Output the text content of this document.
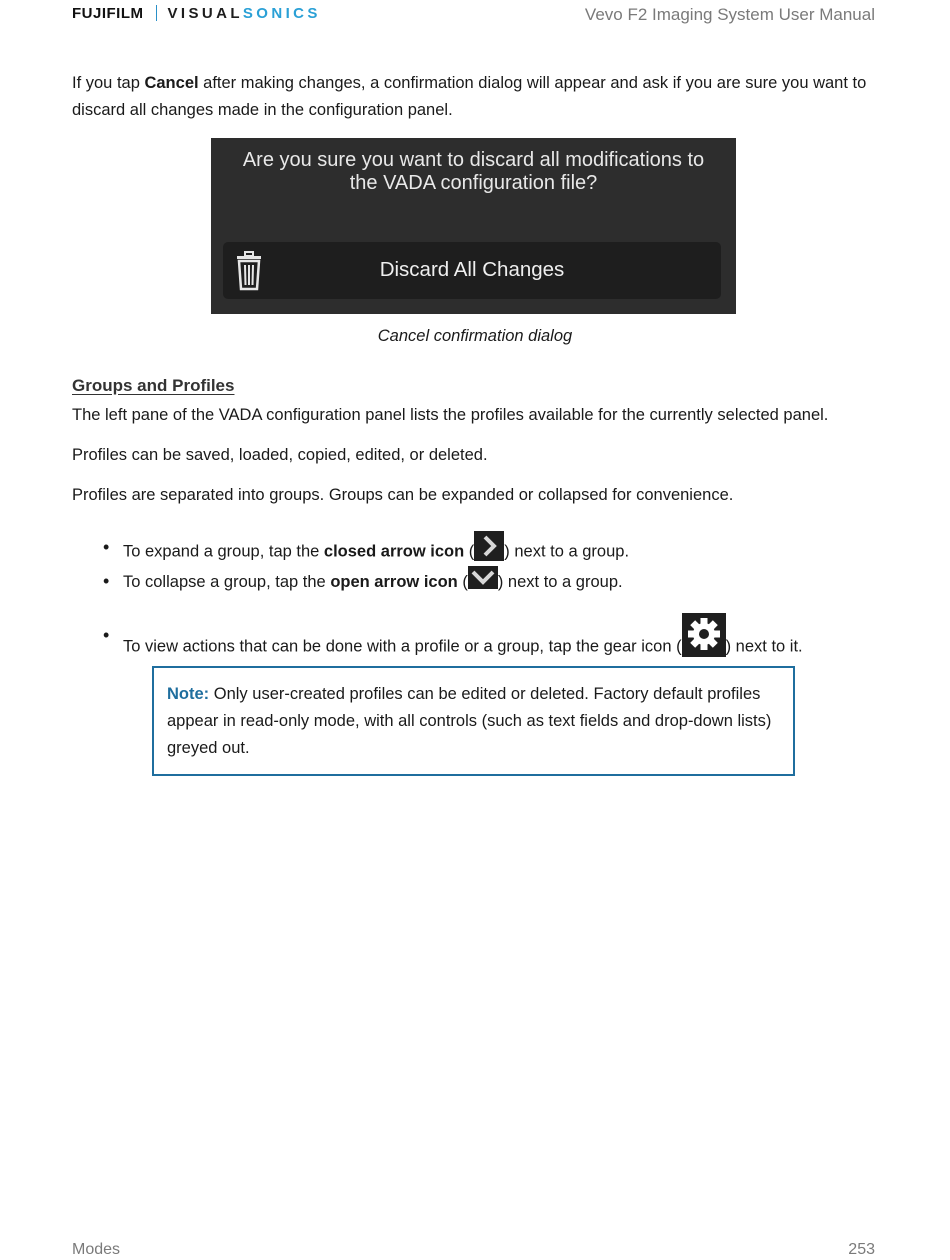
FUJIFILM VISUALSONICS	Vevo F2 Imaging System User Manual

If you tap Cancel after making changes, a confirmation dialog will appear and ask if you are sure you want to discard all changes made in the configuration panel.

Are you sure you want to discard all modifications to
the VADA configuration file?
Discard All Changes
Cancel confirmation dialog
Groups and Profiles

The left pane of the VADA configuration panel lists the profiles available for the currently selected panel.

Profiles can be saved, loaded, copied, edited, or deleted.

Profiles are separated into groups. Groups can be expanded or collapsed for convenience.

• To expand a group, tap the closed arrow icon ( ) next to a group.
• To collapse a group, tap the open arrow icon ( ) next to a group.
•
To view actions that can be done with a profile or a group, tap the gear icon (	) next to it.
Note: Only user-created profiles can be edited or deleted. Factory default profiles appear in read-only mode, with all controls (such as text fields and drop-down lists) greyed out.
Modes	253
